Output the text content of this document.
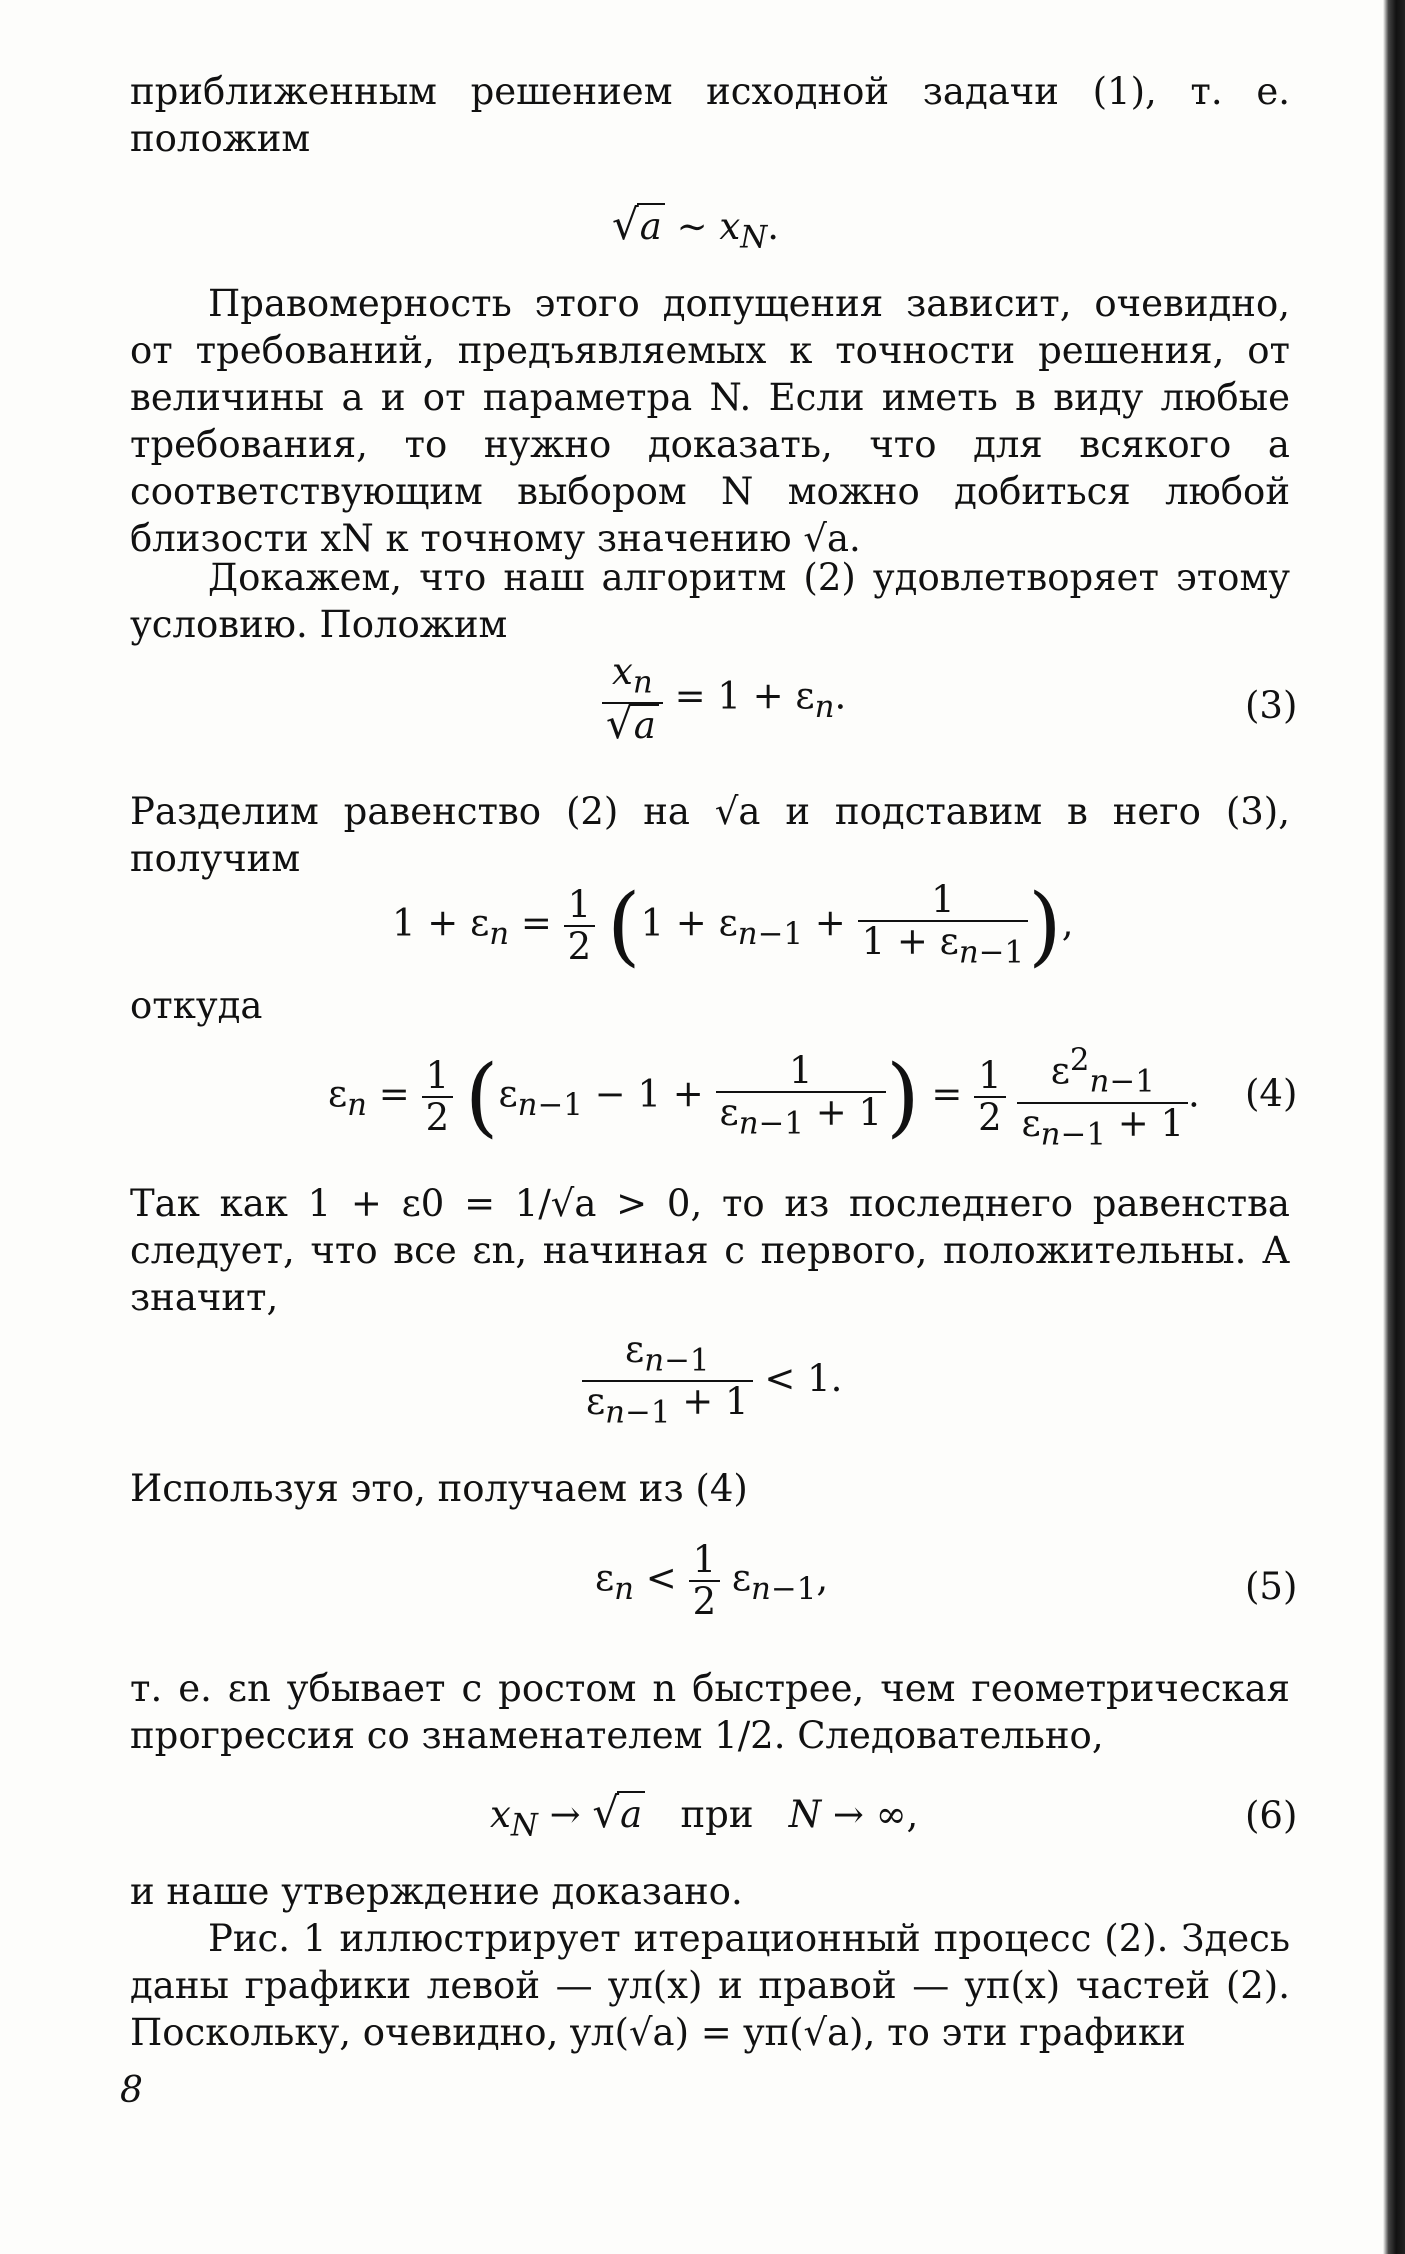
приближенным решением исходной задачи (1), т. е. положим

√a ∼ $x_N$.

Правомерность этого допущения зависит, очевидно, от требований, предъявляемых к точности решения, от величины a и от параметра N. Если иметь в виду любые требования, то нужно доказать, что для всякого a соответствующим выбором N можно добиться любой близости xN к точному значению √a.

Докажем, что наш алгоритм (2) удовлетворяет этому условию. Положим

$\frac{x_n}{√a} = 1 + \varepsilon_n$.	(3)

Разделим равенство (2) на √a и подставим в него (3), получим

$1 + \varepsilon_n = \frac{1}{2} (1 + \varepsilon_{n-1} + \frac{1}{1 + \varepsilon_{n-1}}$ ),

откуда

$\varepsilon_n = \frac{1}{2} (\varepsilon_{n-1} - 1 + \frac{1}{\varepsilon_{n-1} + 1}$ ) = $\frac{1}{2}$
$\frac{\varepsilon^2_{n-1}}{\varepsilon_{n-1} + 1}$ . (4)

Так как 1 + ε0 = 1/√a > 0, то из последнего равенства следует, что все εn, начиная с первого, положительны. А значит,

$\frac{\varepsilon_{n-1}}{\varepsilon_{n-1} + 1} < 1$.

Используя это, получаем из (4)

$\varepsilon_n < \frac{1}{2} \varepsilon_{n-1}$,	(5)

т. е. εn убывает с ростом n быстрее, чем геометрическая прогрессия со знаменателем 1/2. Следовательно,

$x_N \to √a$   при   N → ∞,	(6)

и наше утверждение доказано.

Рис. 1 иллюстрирует итерационный процесс (2). Здесь даны графики левой — yл(x) и правой — yп(x) частей (2). Поскольку, очевидно, yл(√a) = yп(√a), то эти графики

8
